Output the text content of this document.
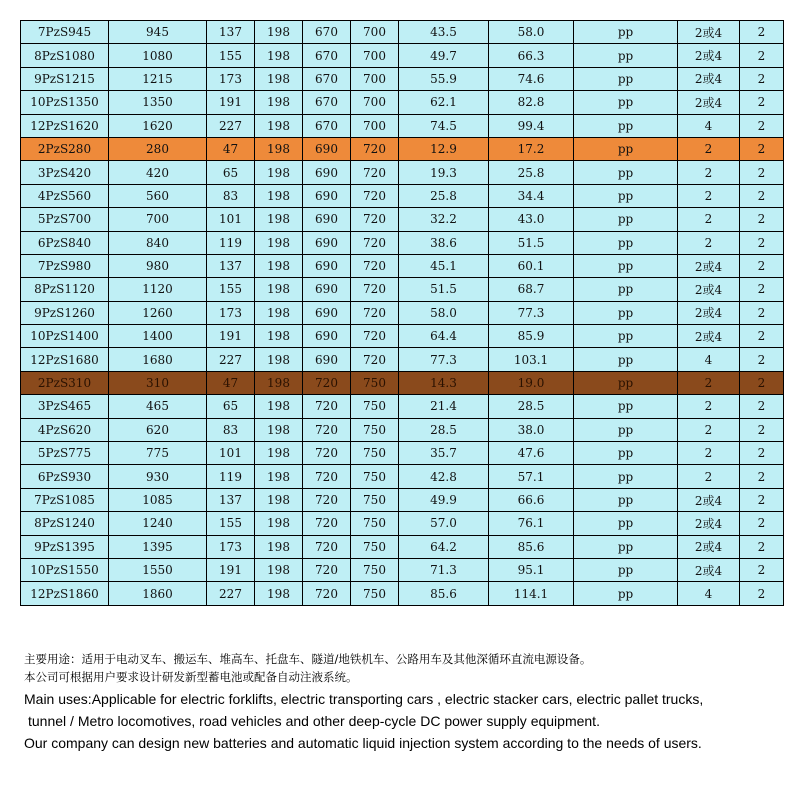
7PzS945	945	137	198	670	700	43.5	58.0	pp	2或4	2
8PzS1080	1080	155	198	670	700	49.7	66.3	pp	2或4	2
9PzS1215	1215	173	198	670	700	55.9	74.6	pp	2或4	2
10PzS1350	1350	191	198	670	700	62.1	82.8	pp	2或4	2
12PzS1620	1620	227	198	670	700	74.5	99.4	pp	4	2
2PzS280	280	47	198	690	720	12.9	17.2	pp	2	2
3PzS420	420	65	198	690	720	19.3	25.8	pp	2	2
4PzS560	560	83	198	690	720	25.8	34.4	pp	2	2
5PzS700	700	101	198	690	720	32.2	43.0	pp	2	2
6PzS840	840	119	198	690	720	38.6	51.5	pp	2	2
7PzS980	980	137	198	690	720	45.1	60.1	pp	2或4	2
8PzS1120	1120	155	198	690	720	51.5	68.7	pp	2或4	2
9PzS1260	1260	173	198	690	720	58.0	77.3	pp	2或4	2
10PzS1400	1400	191	198	690	720	64.4	85.9	pp	2或4	2
12PzS1680	1680	227	198	690	720	77.3	103.1	pp	4	2
2PzS310	310	47	198	720	750	14.3	19.0	pp	2	2
3PzS465	465	65	198	720	750	21.4	28.5	pp	2	2
4PzS620	620	83	198	720	750	28.5	38.0	pp	2	2
5PzS775	775	101	198	720	750	35.7	47.6	pp	2	2
6PzS930	930	119	198	720	750	42.8	57.1	pp	2	2
7PzS1085	1085	137	198	720	750	49.9	66.6	pp	2或4	2
8PzS1240	1240	155	198	720	750	57.0	76.1	pp	2或4	2
9PzS1395	1395	173	198	720	750	64.2	85.6	pp	2或4	2
10PzS1550	1550	191	198	720	750	71.3	95.1	pp	2或4	2
12PzS1860	1860	227	198	720	750	85.6	114.1	pp	4	2

主要用途：适用于电动叉车、搬运车、堆高车、托盘车、隧道/地铁机车、公路用车及其他深循环直流电源设备。

本公司可根据用户要求设计研发新型蓄电池或配备自动注液系统。

Main uses:Applicable for electric forklifts, electric transporting cars , electric stacker cars, electric pallet trucks,

tunnel / Metro locomotives, road vehicles and other deep-cycle DC power supply equipment.

Our company can design new batteries and automatic liquid injection system according to the needs of users.
